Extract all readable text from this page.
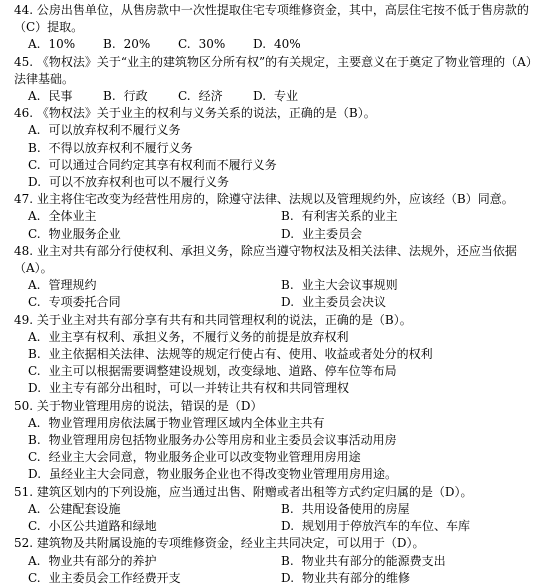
44. 公房出售单位，从售房款中一次性提取住宅专项维修资金，其中，高层住宅按不低于售房款的（C）提取。
A. 10% B. 20% C. 30% D. 40%
45. 《物权法》关于“业主的建筑物区分所有权”的有关规定，主要意义在于奠定了物业管理的（A）法律基础。
A. 民事	B. 行政	C. 经济	D. 专业
46. 《物权法》关于业主的权利与义务关系的说法，正确的是（B）。
A. 可以放弃权利不履行义务
B. 不得以放弃权利不履行义务
C. 可以通过合同约定其享有权利而不履行义务
D. 可以不放弃权利也可以不履行义务
47. 业主将住宅改变为经营性用房的，除遵守法律、法规以及管理规约外，应该经（B）同意。
A. 全体业主	B. 有利害关系的业主
C. 物业服务企业	D. 业主委员会
48. 业主对共有部分行使权利、承担义务，除应当遵守物权法及相关法律、法规外，还应当依据（A）。
A. 管理规约	B. 业主大会议事规则
C. 专项委托合同	D. 业主委员会决议
49. 关于业主对共有部分享有共有和共同管理权利的说法，正确的是（B）。
A. 业主享有权利、承担义务，不履行义务的前提是放弃权利
B. 业主依据相关法律、法规等的规定行使占有、使用、收益或者处分的权利
C. 业主可以根据需要调整建设规划，改变绿地、道路、停车位等布局
D. 业主专有部分出租时，可以一并转让共有权和共同管理权
50. 关于物业管理用房的说法，错误的是（D）
A. 物业管理用房依法属于物业管理区域内全体业主共有
B. 物业管理用房包括物业服务办公等用房和业主委员会议事活动用房
C. 经业主大会同意，物业服务企业可以改变物业管理用房用途
D. 虽经业主大会同意，物业服务企业也不得改变物业管理用房用途。
51. 建筑区划内的下列设施，应当通过出售、附赠或者出租等方式约定归属的是（D）。
A. 公建配套设施	B. 共用设备使用的房屋
C. 小区公共道路和绿地	D. 规划用于停放汽车的车位、车库
52. 建筑物及共附属设施的专项维修资金，经业主共同决定，可以用于（D）。
A. 物业共有部分的养护	B. 物业共有部分的能源费支出
C. 业主委员会工作经费开支	D. 物业共有部分的维修
